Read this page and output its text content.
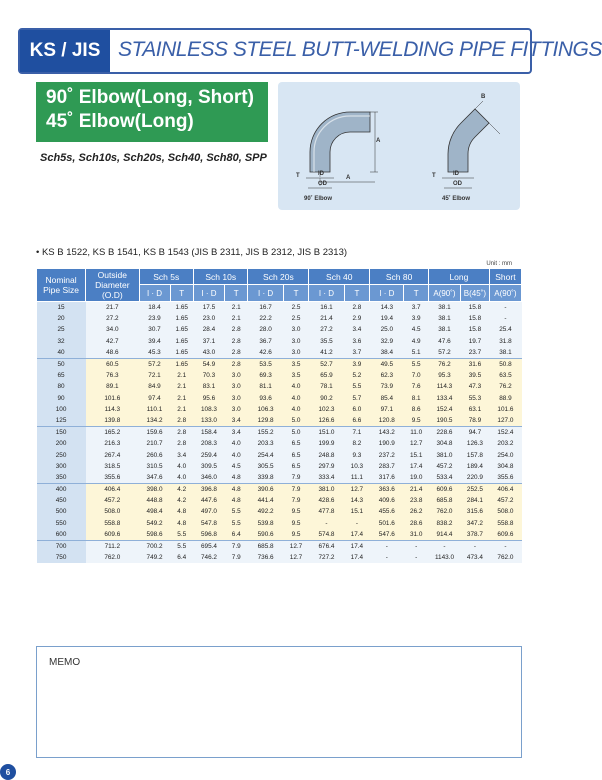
KS / JIS STAINLESS STEEL BUTT-WELDING PIPE FITTINGS
90˚ Elbow(Long, Short)
45˚ Elbow(Long)
Sch5s, Sch10s, Sch20s, Sch40, Sch80, SPP
A
T	ID
OD
A
B
T	ID
OD
90˚ Elbow	45˚ Elbow
• KS B 1522, KS B 1541, KS B 1543 (JIS B 2311, JIS B 2312, JIS B 2313)
Unit : mm
Nominal Pipe Size	Outside Diameter (O.D)	Sch 5s		Sch 10s		Sch 20s		Sch 40		Sch 80		Long		Short
		I · D	T	I · D	T	I · D	T	I · D	T	I · D	T	A(90˚)	B(45˚)	A(90˚)
15	21.7	18.4	1.65	17.5	2.1	16.7	2.5	16.1	2.8	14.3	3.7	38.1	15.8	-
20	27.2	23.9	1.65	23.0	2.1	22.2	2.5	21.4	2.9	19.4	3.9	38.1	15.8	-
25	34.0	30.7	1.65	28.4	2.8	28.0	3.0	27.2	3.4	25.0	4.5	38.1	15.8	25.4
32	42.7	39.4	1.65	37.1	2.8	36.7	3.0	35.5	3.6	32.9	4.9	47.6	19.7	31.8
40	48.6	45.3	1.65	43.0	2.8	42.6	3.0	41.2	3.7	38.4	5.1	57.2	23.7	38.1
50	60.5	57.2	1.65	54.9	2.8	53.5	3.5	52.7	3.9	49.5	5.5	76.2	31.6	50.8
65	76.3	72.1	2.1	70.3	3.0	69.3	3.5	65.9	5.2	62.3	7.0	95.3	39.5	63.5
80	89.1	84.9	2.1	83.1	3.0	81.1	4.0	78.1	5.5	73.9	7.6	114.3	47.3	76.2
90	101.6	97.4	2.1	95.6	3.0	93.6	4.0	90.2	5.7	85.4	8.1	133.4	55.3	88.9
100	114.3	110.1	2.1	108.3	3.0	106.3	4.0	102.3	6.0	97.1	8.6	152.4	63.1	101.6
125	139.8	134.2	2.8	133.0	3.4	129.8	5.0	126.6	6.6	120.8	9.5	190.5	78.9	127.0
150	165.2	159.6	2.8	158.4	3.4	155.2	5.0	151.0	7.1	143.2	11.0	228.6	94.7	152.4
200	216.3	210.7	2.8	208.3	4.0	203.3	6.5	199.9	8.2	190.9	12.7	304.8	126.3	203.2
250	267.4	260.6	3.4	259.4	4.0	254.4	6.5	248.8	9.3	237.2	15.1	381.0	157.8	254.0
300	318.5	310.5	4.0	309.5	4.5	305.5	6.5	297.9	10.3	283.7	17.4	457.2	189.4	304.8
350	355.6	347.6	4.0	346.0	4.8	339.8	7.9	333.4	11.1	317.6	19.0	533.4	220.9	355.6
400	406.4	398.0	4.2	396.8	4.8	390.6	7.9	381.0	12.7	363.6	21.4	609.6	252.5	406.4
450	457.2	448.8	4.2	447.6	4.8	441.4	7.9	428.6	14.3	409.6	23.8	685.8	284.1	457.2
500	508.0	498.4	4.8	497.0	5.5	492.2	9.5	477.8	15.1	455.6	26.2	762.0	315.6	508.0
550	558.8	549.2	4.8	547.8	5.5	539.8	9.5	-	-	501.6	28.6	838.2	347.2	558.8
600	609.6	598.6	5.5	596.8	6.4	590.6	9.5	574.8	17.4	547.6	31.0	914.4	378.7	609.6
700	711.2	700.2	5.5	695.4	7.9	685.8	12.7	676.4	17.4	-	-	-	-	-
750	762.0	749.2	6.4	746.2	7.9	736.6	12.7	727.2	17.4	-	-	1143.0	473.4	762.0
MEMO
6
